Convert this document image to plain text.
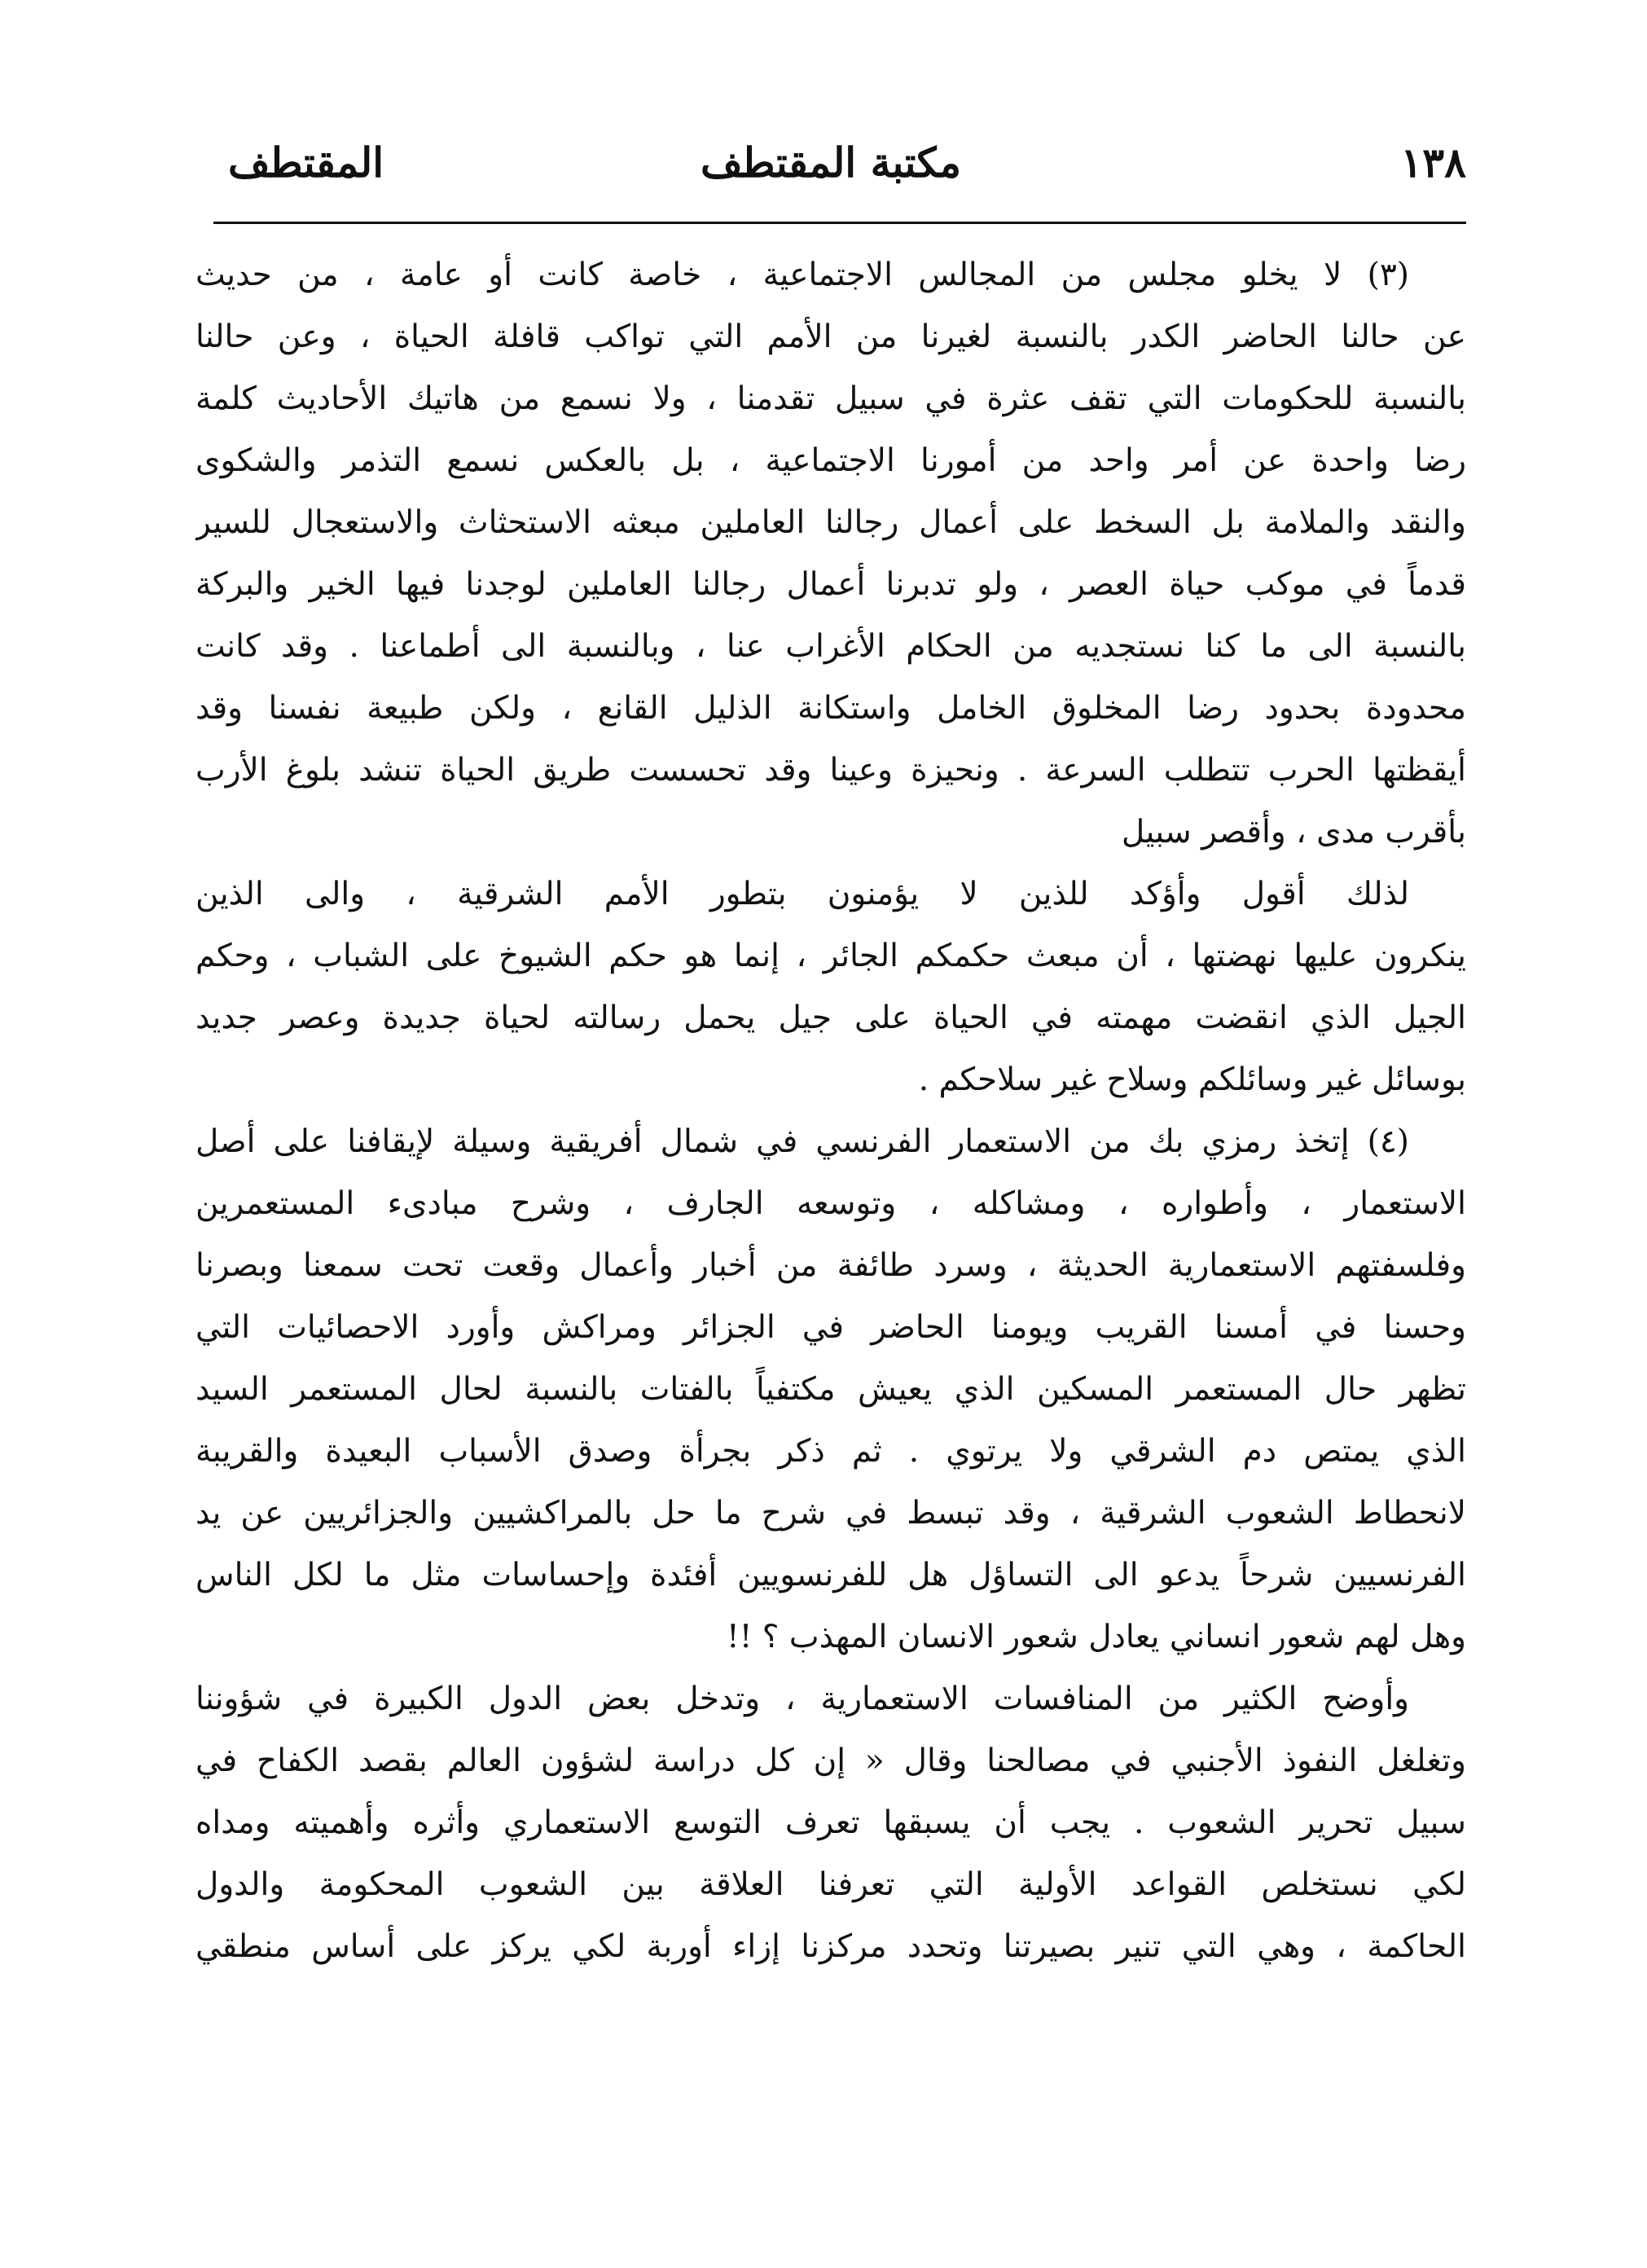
١٣٨
مكتبة المقتطف
المقتطف
(٣) لا يخلو مجلس من المجالس الاجتماعية ، خاصة كانت أو عامة ، من حديث
عن حالنا الحاضر الكدر بالنسبة لغيرنا من الأمم التي تواكب قافلة الحياة ، وعن حالنا
بالنسبة للحكومات التي تقف عثرة في سبيل تقدمنا ، ولا نسمع من هاتيك الأحاديث كلمة
رضا واحدة عن أمر واحد من أمورنا الاجتماعية ، بل بالعكس نسمع التذمر والشكوى
والنقد والملامة بل السخط على أعمال رجالنا العاملين مبعثه الاستحثاث والاستعجال للسير
قدماً في موكب حياة العصر ، ولو تدبرنا أعمال رجالنا العاملين لوجدنا فيها الخير والبركة
بالنسبة الى ما كنا نستجديه من الحكام الأغراب عنا ، وبالنسبة الى أطماعنا . وقد كانت
محدودة بحدود رضا المخلوق الخامل واستكانة الذليل القانع ، ولكن طبيعة نفسنا وقد
أيقظتها الحرب تتطلب السرعة . ونحيزة وعينا وقد تحسست طريق الحياة تنشد بلوغ الأرب
بأقرب مدى ، وأقصر سبيل
لذلك أقول وأؤكد للذين لا يؤمنون بتطور الأمم الشرقية ، والى الذين
ينكرون عليها نهضتها ، أن مبعث حكمكم الجائر ، إنما هو حكم الشيوخ على الشباب ، وحكم
الجيل الذي انقضت مهمته في الحياة على جيل يحمل رسالته لحياة جديدة وعصر جديد
بوسائل غير وسائلكم وسلاح غير سلاحكم .
(٤) إتخذ رمزي بك من الاستعمار الفرنسي في شمال أفريقية وسيلة لإيقافنا على أصل
الاستعمار ، وأطواره ، ومشاكله ، وتوسعه الجارف ، وشرح مبادىء المستعمرين
وفلسفتهم الاستعمارية الحديثة ، وسرد طائفة من أخبار وأعمال وقعت تحت سمعنا وبصرنا
وحسنا في أمسنا القريب ويومنا الحاضر في الجزائر ومراكش وأورد الاحصائيات التي
تظهر حال المستعمر المسكين الذي يعيش مكتفياً بالفتات بالنسبة لحال المستعمر السيد
الذي يمتص دم الشرقي ولا يرتوي . ثم ذكر بجرأة وصدق الأسباب البعيدة والقريبة
لانحطاط الشعوب الشرقية ، وقد تبسط في شرح ما حل بالمراكشيين والجزائريين عن يد
الفرنسيين شرحاً يدعو الى التساؤل هل للفرنسويين أفئدة وإحساسات مثل ما لكل الناس
وهل لهم شعور انساني يعادل شعور الانسان المهذب ؟ !!
وأوضح الكثير من المنافسات الاستعمارية ، وتدخل بعض الدول الكبيرة في شؤوننا
وتغلغل النفوذ الأجنبي في مصالحنا وقال « إن كل دراسة لشؤون العالم بقصد الكفاح في
سبيل تحرير الشعوب . يجب أن يسبقها تعرف التوسع الاستعماري وأثره وأهميته ومداه
لكي نستخلص القواعد الأولية التي تعرفنا العلاقة بين الشعوب المحكومة والدول
الحاكمة ، وهي التي تنير بصيرتنا وتحدد مركزنا إزاء أوربة لكي يركز على أساس منطقي
